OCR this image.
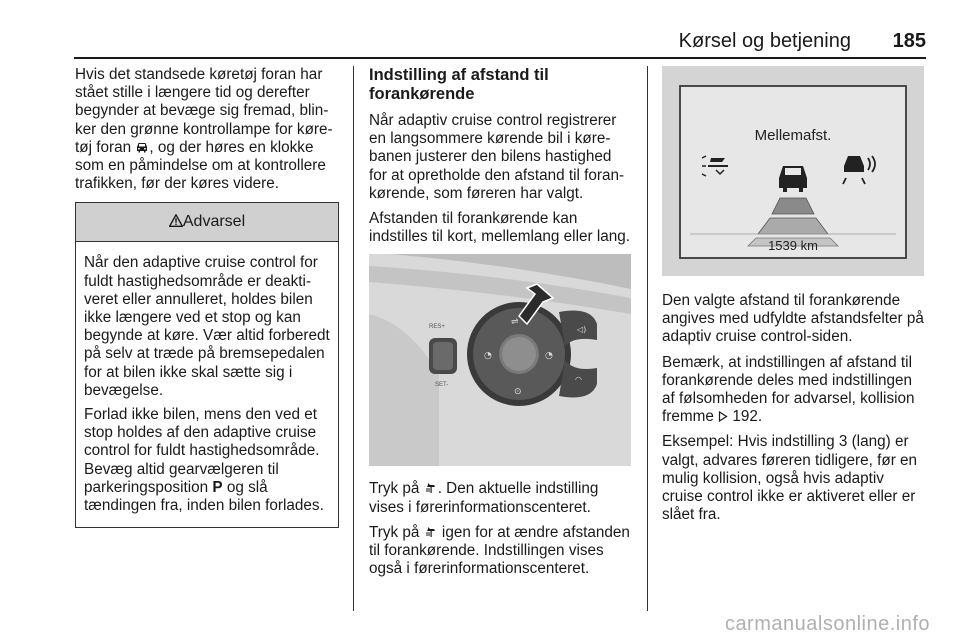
Kørsel og betjening 185

Hvis det standsede køretøj foran har stået stille i længere tid og derefter begynder at bevæge sig fremad, blinker den grønne kontrollampe for køretøj foran , og der høres en klokke som en påmindelse om at kontrollere trafikken, før der køres videre.

Advarsel

Når den adaptive cruise control for fuldt hastighedsområde er deaktiveret eller annulleret, holdes bilen ikke længere ved et stop og kan begynde at køre. Vær altid forberedt på selv at træde på bremsepedalen for at bilen ikke skal sætte sig i bevægelse.

Forlad ikke bilen, mens den ved et stop holdes af den adaptive cruise control for fuldt hastighedsområde. Bevæg altid gearvælgeren til parkeringsposition P og slå tændingen fra, inden bilen forlades.

Indstilling af afstand til forankørende

Når adaptiv cruise control registrerer en langsommere kørende bil i kørebanen justerer den bilens hastighed for at opretholde den afstand til forankørende, som føreren har valgt.

Afstanden til forankørende kan indstilles til kort, mellemlang eller lang.

RES+
SET-
◔	◔
⊙
⇌
◁)
◠

Tryk på . Den aktuelle indstilling vises i førerinformationscenteret.

Tryk på  igen for at ændre afstanden til forankørende. Indstillingen vises også i førerinformationscenteret.

Mellemafst.
1539 km

Den valgte afstand til forankørende angives med udfyldte afstandsfelter på adaptiv cruise control-siden.

Bemærk, at indstillingen af afstand til forankørende deles med indstillingen af følsomheden for advarsel, kollision fremme  192.

Eksempel: Hvis indstilling 3 (lang) er valgt, advares føreren tidligere, før en mulig kollision, også hvis adaptiv cruise control ikke er aktiveret eller er slået fra.

carmanualsonline.info
